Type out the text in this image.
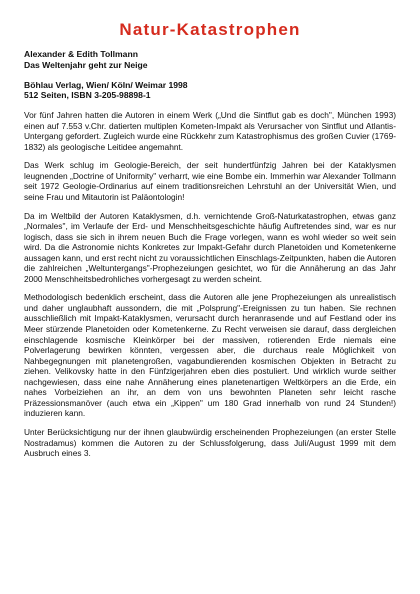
Natur-Katastrophen

Alexander & Edith Tollmann

Das Weltenjahr geht zur Neige

Böhlau Verlag, Wien/ Köln/ Weimar 1998

512 Seiten, ISBN 3-205-98898-1

Vor fünf Jahren hatten die Autoren in einem Werk („Und die Sintflut gab es doch", München 1993) einen auf 7.553 v.Chr. datierten multiplen Kometen-Impakt als Verursacher von Sintflut und Atlantis-Untergang gefordert. Zugleich wurde eine Rückkehr zum Katastrophismus des großen Cuvier (1769-1832) als geologische Leitidee angemahnt.

Das Werk schlug im Geologie-Bereich, der seit hundertfünfzig Jahren bei der Kataklysmen leugnenden „Doctrine of Uniformity" verharrt, wie eine Bombe ein. Immerhin war Alexander Tollmann seit 1972 Geologie-Ordinarius auf einem traditionsreichen Lehrstuhl an der Universität Wien, und seine Frau und Mitautorin ist Paläontologin!

Da im Weltbild der Autoren Kataklysmen, d.h. vernichtende Groß-Naturkatastrophen, etwas ganz „Normales", im Verlaufe der Erd- und Menschheitsgeschichte häufig Auftretendes sind, war es nur logisch, dass sie sich in ihrem neuen Buch die Frage vorlegen, wann es wohl wieder so weit sein wird. Da die Astronomie nichts Konkretes zur Impakt-Gefahr durch Planetoiden und Kometenkerne aussagen kann, und erst recht nicht zu voraussichtlichen Einschlags-Zeitpunkten, haben die Autoren die zahlreichen „Weltuntergangs"-Prophezeiungen gesichtet, wo für die Annäherung an das Jahr 2000 Menschheitsbedrohliches vorhergesagt zu werden scheint.

Methodologisch bedenklich erscheint, dass die Autoren alle jene Prophezeiungen als unrealistisch und daher unglaubhaft aussondern, die mit „Polsprung"-Ereignissen zu tun haben. Sie rechnen ausschließlich mit Impakt-Kataklysmen, verursacht durch heranrasende und auf Festland oder ins Meer stürzende Planetoiden oder Kometenkerne. Zu Recht verweisen sie darauf, dass dergleichen einschlagende kosmische Kleinkörper bei der massiven, rotierenden Erde niemals eine Polverlagerung bewirken könnten, vergessen aber, die durchaus reale Möglichkeit von Nahbegegnungen mit planetengroßen, vagabundierenden kosmischen Objekten in Betracht zu ziehen. Velikovsky hatte in den Fünfzigerjahren eben dies postuliert. Und wirklich wurde seither nachgewiesen, dass eine nahe Annäherung eines planetenartigen Weltkörpers an die Erde, ein nahes Vorbeiziehen an ihr, an dem von uns bewohnten Planeten sehr leicht rasche Präzessionsmanöver (auch etwa ein „Kippen" um 180 Grad innerhalb von rund 24 Stunden!) induzieren kann.

Unter Berücksichtigung nur der ihnen glaubwürdig erscheinenden Prophezeiungen (an erster Stelle Nostradamus) kommen die Autoren zu der Schlussfolgerung, dass Juli/August 1999 mit dem Ausbruch eines 3.
